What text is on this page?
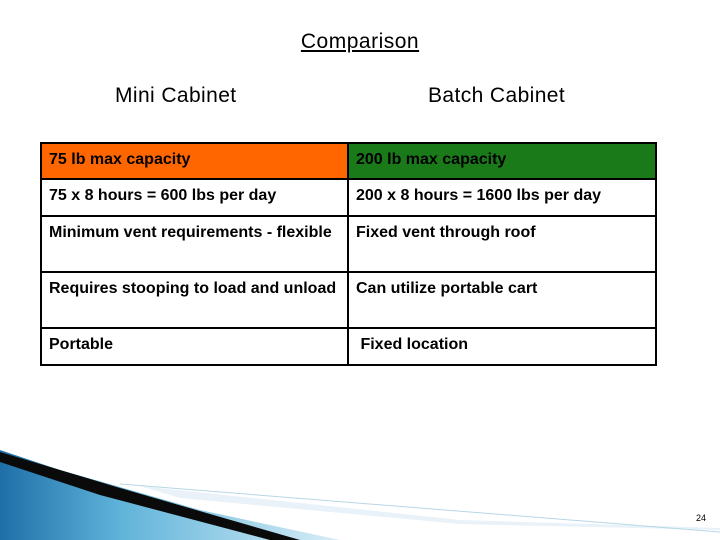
Comparison
Mini Cabinet	Batch Cabinet
75 lb max capacity	200 lb max capacity
75 x 8 hours = 600 lbs per day	200 x 8 hours = 1600 lbs per day
Minimum vent requirements - flexible	Fixed vent through roof
Requires stooping to load and unload	Can utilize portable cart
Portable	Fixed location
24
